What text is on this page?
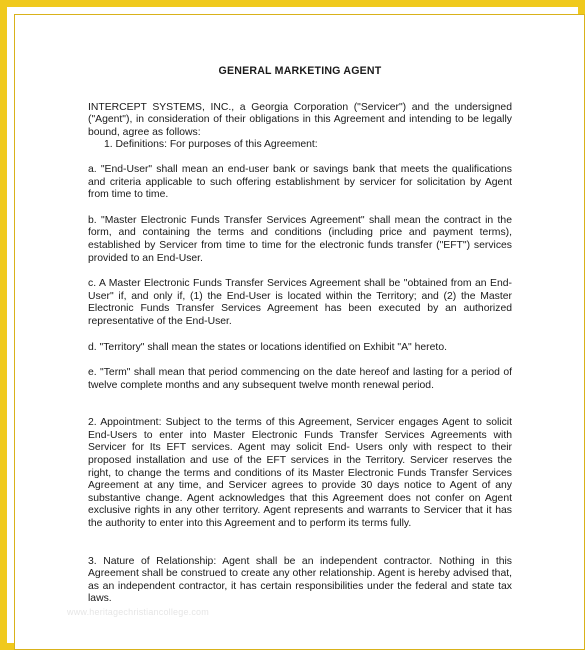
GENERAL MARKETING AGENT

INTERCEPT SYSTEMS, INC., a Georgia Corporation ("Servicer") and the undersigned ("Agent"), in consideration of their obligations in this Agreement and intending to be legally bound, agree as follows:

1. Definitions: For purposes of this Agreement:

a. "End-User" shall mean an end-user bank or savings bank that meets the qualifications and criteria applicable to such offering establishment by servicer for solicitation by Agent from time to time.

b. "Master Electronic Funds Transfer Services Agreement" shall mean the contract in the form, and containing the terms and conditions (including price and payment terms), established by Servicer from time to time for the electronic funds transfer ("EFT") services provided to an End-User.

c. A Master Electronic Funds Transfer Services Agreement shall be "obtained from an End-User" if, and only if, (1) the End-User is located within the Territory; and (2) the Master Electronic Funds Transfer Services Agreement has been executed by an authorized representative of the End-User.

d. "Territory" shall mean the states or locations identified on Exhibit "A" hereto.

e. "Term" shall mean that period commencing on the date hereof and lasting for a period of twelve complete months and any subsequent twelve month renewal period.

2. Appointment: Subject to the terms of this Agreement, Servicer engages Agent to solicit End-Users to enter into Master Electronic Funds Transfer Services Agreements with Servicer for Its EFT services. Agent may solicit End- Users only with respect to their proposed installation and use of the EFT services in the Territory. Servicer reserves the right, to change the terms and conditions of its Master Electronic Funds Transfer Services Agreement at any time, and Servicer agrees to provide 30 days notice to Agent of any substantive change. Agent acknowledges that this Agreement does not confer on Agent exclusive rights in any other territory. Agent represents and warrants to Servicer that it has the authority to enter into this Agreement and to perform its terms fully.

3. Nature of Relationship: Agent shall be an independent contractor. Nothing in this Agreement shall be construed to create any other relationship. Agent is hereby advised that, as an independent contractor, it has certain responsibilities under the federal and state tax laws.

www.heritagechristiancollege.com
